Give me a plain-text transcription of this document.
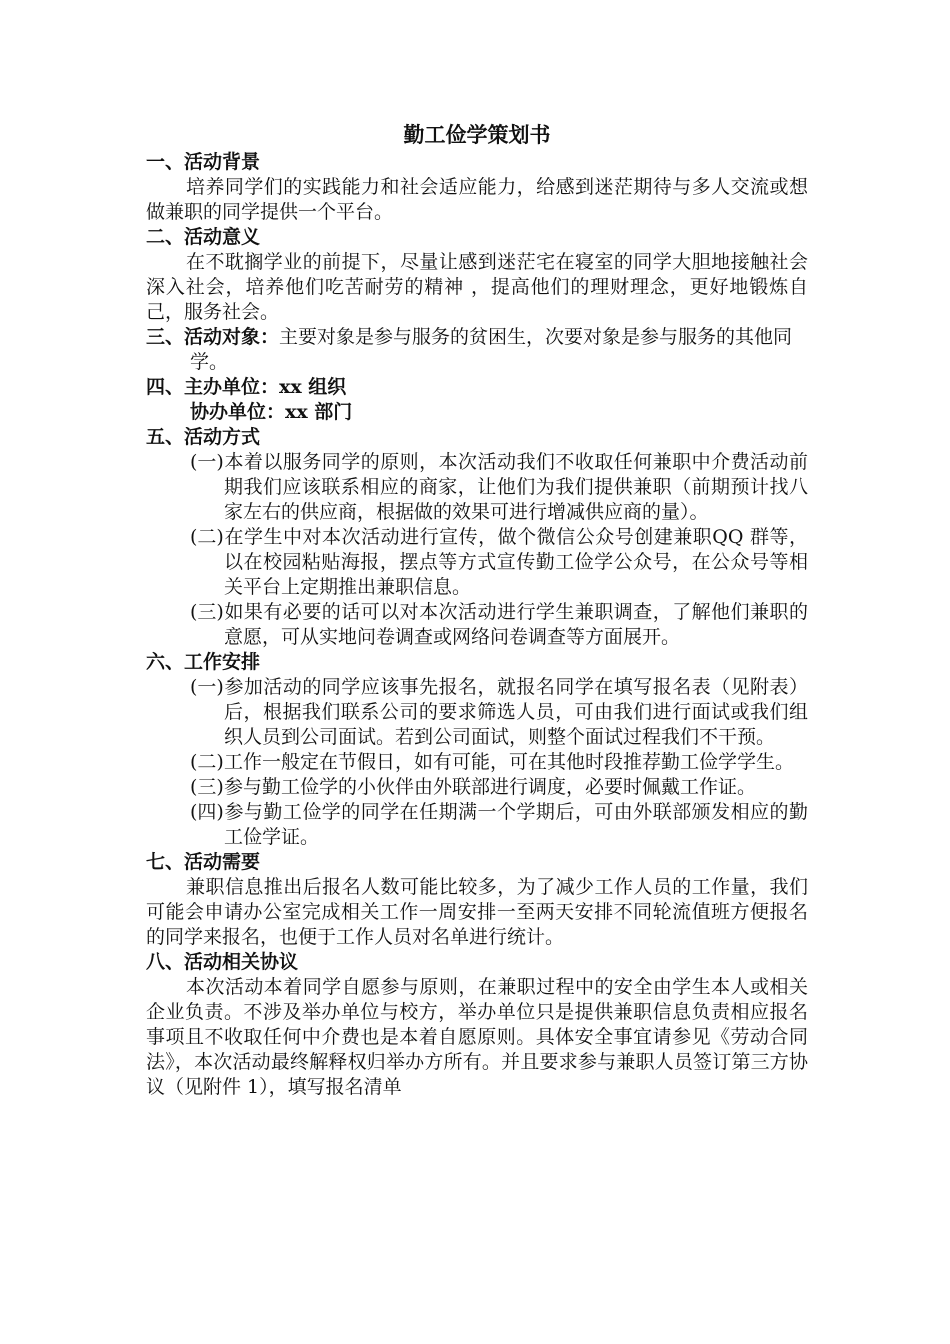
勤工俭学策划书

一、活动背景

培养同学们的实践能力和社会适应能力，给感到迷茫期待与多人交流或想做兼职的同学提供一个平台。

二、活动意义

在不耽搁学业的前提下，尽量让感到迷茫宅在寝室的同学大胆地接触社会深入社会，培养他们吃苦耐劳的精神 ，提高他们的理财理念，更好地锻炼自己，服务社会。

三、活动对象：主要对象是参与服务的贫困生，次要对象是参与服务的其他同学。

四、主办单位：xx 组织

协办单位：xx 部门

五、活动方式

(一)本着以服务同学的原则，本次活动我们不收取任何兼职中介费活动前期我们应该联系相应的商家，让他们为我们提供兼职（前期预计找八家左右的供应商，根据做的效果可进行增减供应商的量）。

(二)在学生中对本次活动进行宣传，做个微信公众号创建兼职QQ 群等，以在校园粘贴海报，摆点等方式宣传勤工俭学公众号，在公众号等相关平台上定期推出兼职信息。

(三)如果有必要的话可以对本次活动进行学生兼职调查，了解他们兼职的意愿，可从实地问卷调查或网络问卷调查等方面展开。

六、工作安排

(一)参加活动的同学应该事先报名，就报名同学在填写报名表（见附表）后，根据我们联系公司的要求筛选人员，可由我们进行面试或我们组织人员到公司面试。若到公司面试，则整个面试过程我们不干预。

(二)工作一般定在节假日，如有可能，可在其他时段推荐勤工俭学学生。

(三)参与勤工俭学的小伙伴由外联部进行调度，必要时佩戴工作证。

(四)参与勤工俭学的同学在任期满一个学期后，可由外联部颁发相应的勤工俭学证。

七、活动需要

兼职信息推出后报名人数可能比较多，为了减少工作人员的工作量，我们可能会申请办公室完成相关工作一周安排一至两天安排不同轮流值班方便报名的同学来报名，也便于工作人员对名单进行统计。

八、活动相关协议

本次活动本着同学自愿参与原则，在兼职过程中的安全由学生本人或相关企业负责。不涉及举办单位与校方，举办单位只是提供兼职信息负责相应报名事项且不收取任何中介费也是本着自愿原则。具体安全事宜请参见《劳动合同法》，本次活动最终解释权归举办方所有。并且要求参与兼职人员签订第三方协议（见附件 1），填写报名清单
